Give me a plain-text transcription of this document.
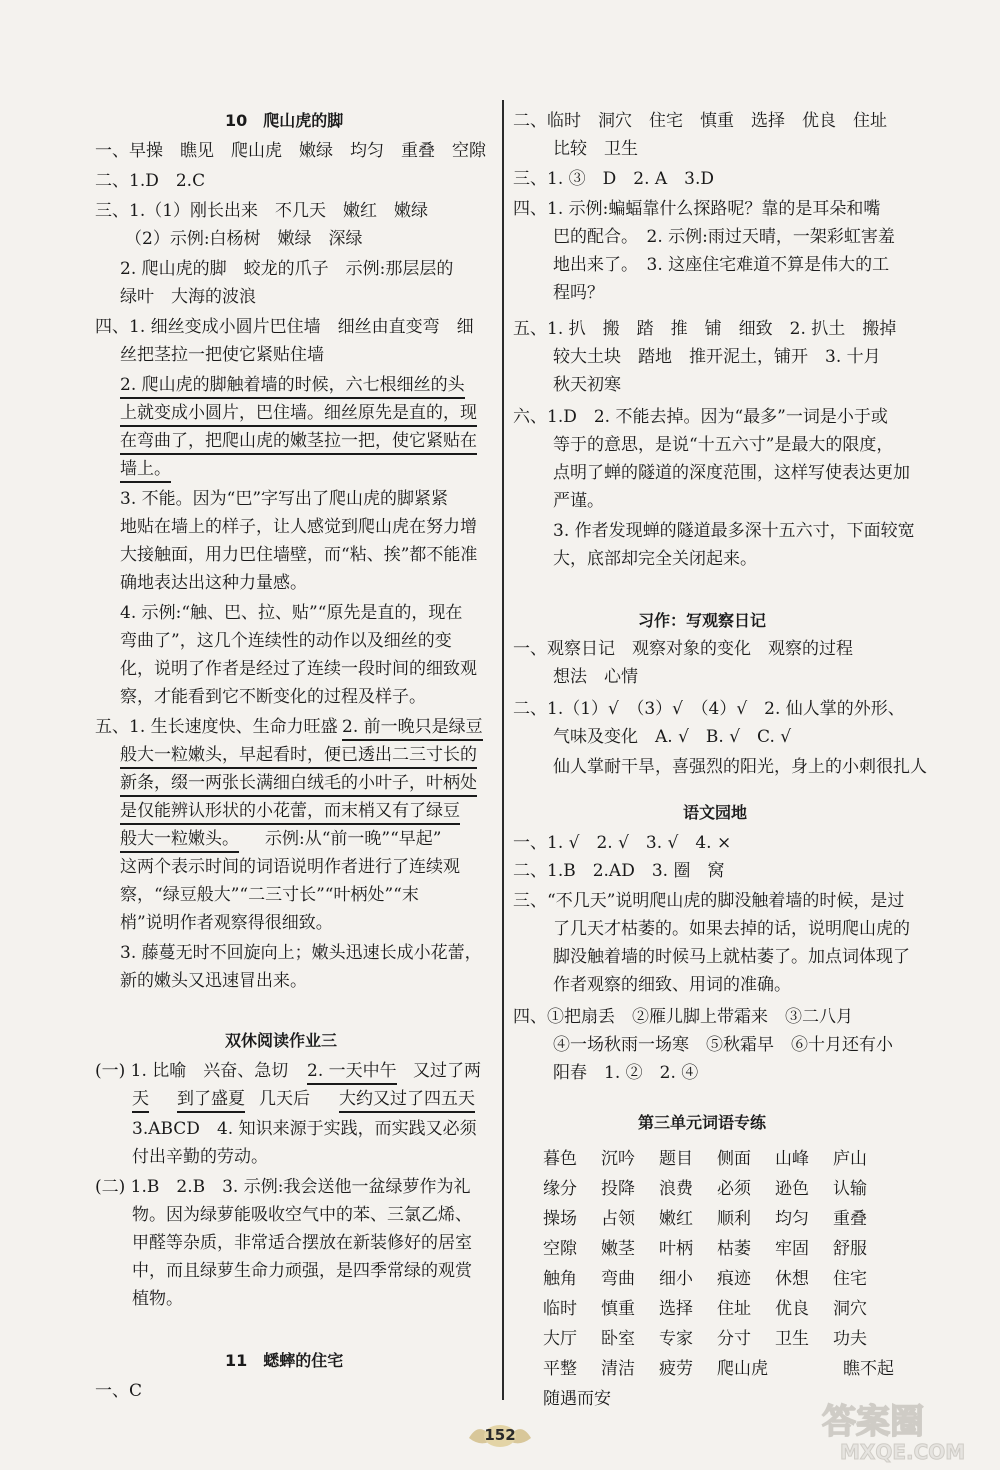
10　爬山虎的脚
一、早操　瞧见　爬山虎　嫩绿　均匀　重叠　空隙
二、1.D　2.C
三、1.（1）刚长出来　不几天　嫩红　嫩绿
（2）示例:白杨树　嫩绿　深绿
2. 爬山虎的脚　蛟龙的爪子　示例:那层层的
绿叶　大海的波浪
四、1. 细丝变成小圆片巴住墙　细丝由直变弯　细
丝把茎拉一把使它紧贴住墙
2. 爬山虎的脚触着墙的时候，六七根细丝的头
上就变成小圆片，巴住墙。细丝原先是直的，现
在弯曲了，把爬山虎的嫩茎拉一把，使它紧贴在
墙上。
3. 不能。因为“巴”字写出了爬山虎的脚紧紧
地贴在墙上的样子，让人感觉到爬山虎在努力增
大接触面，用力巴住墙壁，而“粘、挨”都不能准
确地表达出这种力量感。
4. 示例:“触、巴、拉、贴”“原先是直的，现在
弯曲了”，这几个连续性的动作以及细丝的变
化，说明了作者是经过了连续一段时间的细致观
察，才能看到它不断变化的过程及样子。
五、1. 生长速度快、生命力旺盛　
2. 前一晚只是绿豆
般大一粒嫩头，早起看时，便已透出二三寸长的
新条，缀一两张长满细白绒毛的小叶子，叶柄处
是仅能辨认形状的小花蕾，而末梢又有了绿豆
般大一粒嫩头。 示例:从“前一晚”“早起”
这两个表示时间的词语说明作者进行了连续观
察，“绿豆般大”“二三寸长”“叶柄处”“末
梢”说明作者观察得很细致。
3. 藤蔓无时不回旋向上；嫩头迅速长成小花蕾，
新的嫩头又迅速冒出来。
双休阅读作业三
(一) 1. 比喻　兴奋、急切　 2. 一天中午 又过了两
天 到了盛夏 几天后 大约又过了四五天
3.ABCD　4. 知识来源于实践，而实践又必须
付出辛勤的劳动。
(二) 1.B　2.B　3. 示例:我会送他一盆绿萝作为礼
物。因为绿萝能吸收空气中的苯、三氯乙烯、
甲醛等杂质，非常适合摆放在新装修好的居室
中，而且绿萝生命力顽强，是四季常绿的观赏
植物。
11　蟋蟀的住宅
一、C
二、临时　洞穴　住宅　慎重　选择　优良　住址
比较　卫生
三、1. ③　D　2. A　3.D
四、1. 示例:蝙蝠靠什么探路呢？靠的是耳朵和嘴
巴的配合。　2. 示例:雨过天晴，一架彩虹害羞
地出来了。　3. 这座住宅难道不算是伟大的工
程吗？
五、1. 扒　搬　踏　推　铺　细致　2. 扒土　搬掉
较大土块　踏地　推开泥土，铺开　3. 十月
秋天初寒
六、1.D　2. 不能去掉。因为“最多”一词是小于或
等于的意思，是说“十五六寸”是最大的限度，
点明了蝉的隧道的深度范围，这样写使表达更加
严谨。
3. 作者发现蝉的隧道最多深十五六寸，下面较宽
大，底部却完全关闭起来。
习作：写观察日记
一、观察日记　观察对象的变化　观察的过程
想法　心情
二、1.（1）√　（3）√　（4）√　2. 仙人掌的外形、
气味及变化　A. √　B. √　C. √
仙人掌耐干旱，喜强烈的阳光，身上的小刺很扎人
语文园地
一、1. √　2. √　3. √　4. ×
二、1.B　2.AD　3. 圈　窝
三、“不几天”说明爬山虎的脚没触着墙的时候，是过
了几天才枯萎的。如果去掉的话，说明爬山虎的
脚没触着墙的时候马上就枯萎了。加点词体现了
作者观察的细致、用词的准确。
四、①把扇丢　②雁儿脚上带霜来　③二八月
④一场秋雨一场寒　⑤秋霜早　⑥十月还有小
阳春　1. ②　2. ④
第三单元词语专练
暮色 沉吟 题目 侧面 山峰 庐山
缘分 投降 浪费 必须 逊色 认输
操场 占领 嫩红 顺利 均匀 重叠
空隙 嫩茎 叶柄 枯萎 牢固 舒服
触角 弯曲 细小 痕迹 休想 住宅
临时 慎重 选择 住址 优良 洞穴
大厅 卧室 专家 分寸 卫生 功夫
平整 清洁 疲劳 爬山虎	瞧不起
随遇而安
152	答案圈
MXQE.COM
